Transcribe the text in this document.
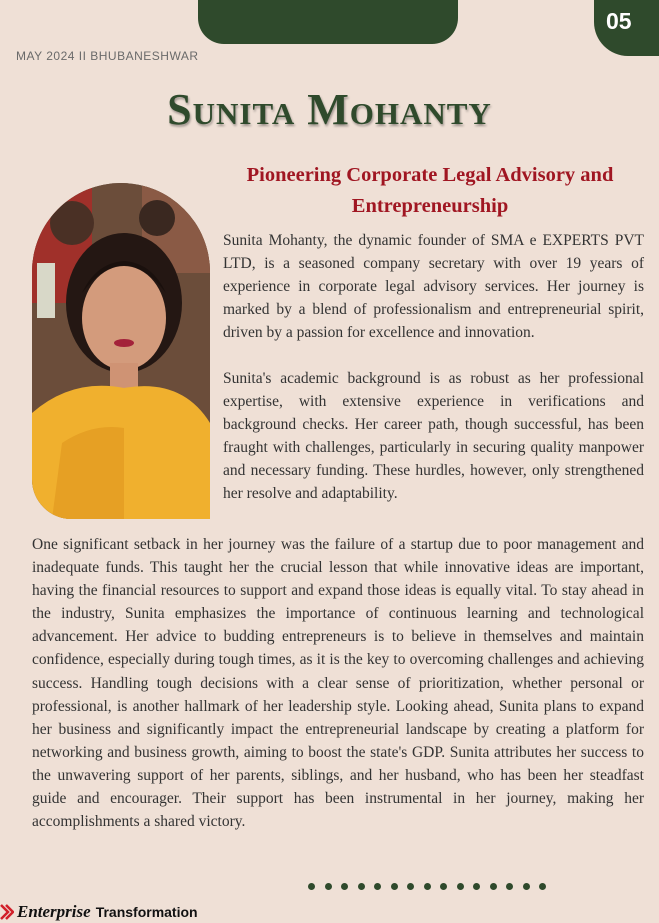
05
MAY 2024 II BHUBANESHWAR
Sunita Mohanty
Pioneering Corporate Legal Advisory and Entrepreneurship

Sunita Mohanty, the dynamic founder of SMA e EXPERTS PVT LTD, is a seasoned company secretary with over 19 years of experience in corporate legal advisory services. Her journey is marked by a blend of professionalism and entrepreneurial spirit, driven by a passion for excellence and innovation.

Sunita's academic background is as robust as her professional expertise, with extensive experience in verifications and background checks. Her career path, though successful, has been fraught with challenges, particularly in securing quality manpower and necessary funding. These hurdles, however, only strengthened her resolve and adaptability.

One significant setback in her journey was the failure of a startup due to poor management and inadequate funds. This taught her the crucial lesson that while innovative ideas are important, having the financial resources to support and expand those ideas is equally vital. To stay ahead in the industry, Sunita emphasizes the importance of continuous learning and technological advancement. Her advice to budding entrepreneurs is to believe in themselves and maintain confidence, especially during tough times, as it is the key to overcoming challenges and achieving success. Handling tough decisions with a clear sense of prioritization, whether personal or professional, is another hallmark of her leadership style. Looking ahead, Sunita plans to expand her business and significantly impact the entrepreneurial landscape by creating a platform for networking and business growth, aiming to boost the state's GDP. Sunita attributes her success to the unwavering support of her parents, siblings, and her husband, who has been her steadfast guide and encourager. Their support has been instrumental in her journey, making her accomplishments a shared victory.

Enterprise Transformation
